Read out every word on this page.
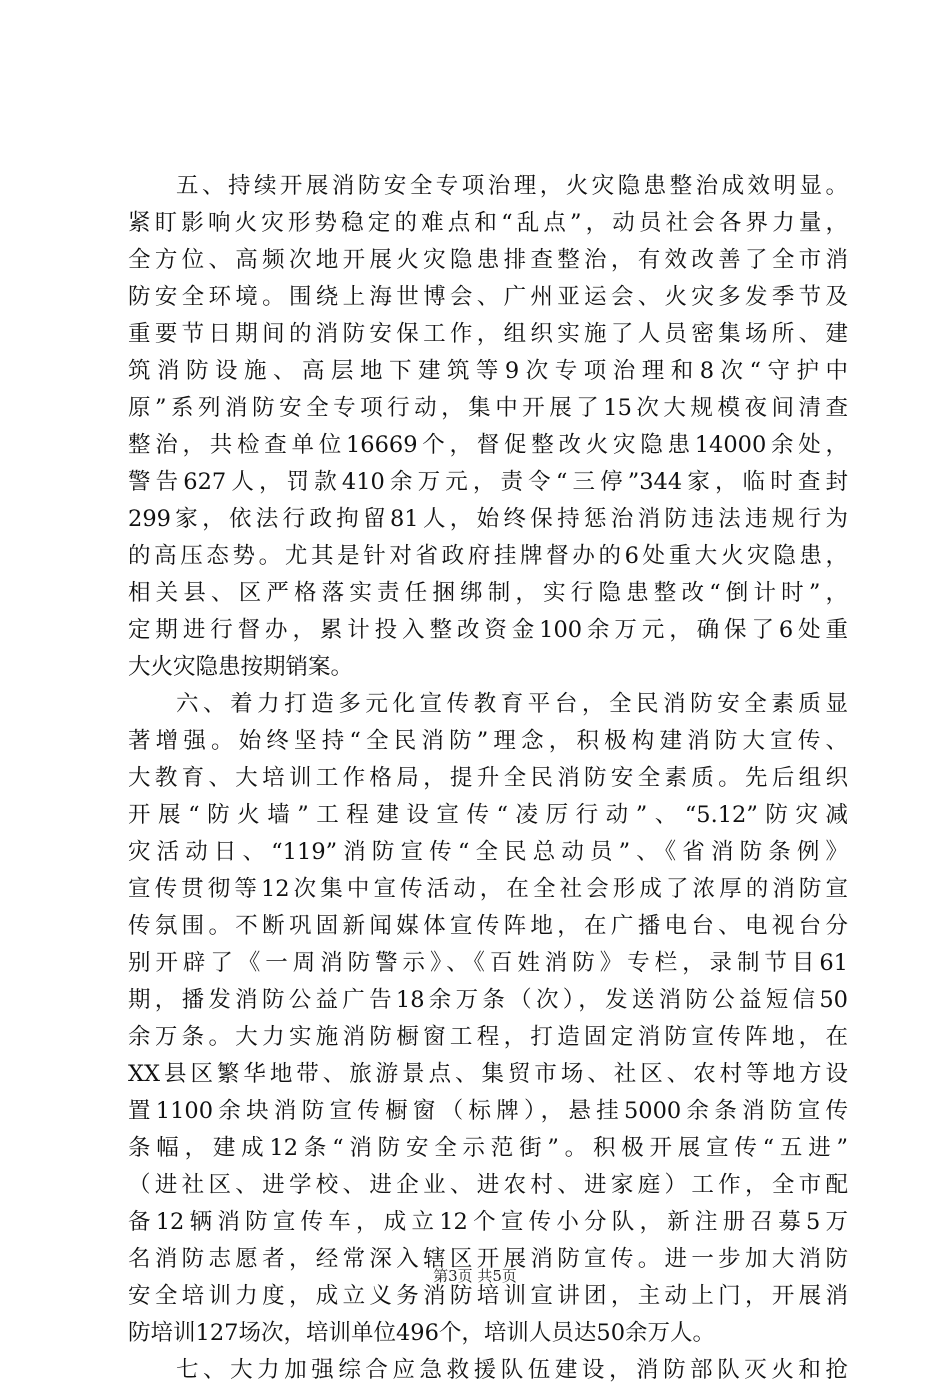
五、持续开展消防安全专项治理，火灾隐患整治成效明显。
紧盯影响火灾形势稳定的难点和“乱点”，动员社会各界力量，
全方位、高频次地开展火灾隐患排查整治，有效改善了全市消
防安全环境。围绕上海世博会、广州亚运会、火灾多发季节及
重要节日期间的消防安保工作，组织实施了人员密集场所、建
筑消防设施、高层地下建筑等9次专项治理和8次“守护中
原”系列消防安全专项行动，集中开展了15次大规模夜间清查
整治，共检查单位16669个，督促整改火灾隐患14000余处，
警告627人，罚款410余万元，责令“三停”344家，临时查封
299家，依法行政拘留81人，始终保持惩治消防违法违规行为
的高压态势。尤其是针对省政府挂牌督办的6处重大火灾隐患，
相关县、区严格落实责任捆绑制，实行隐患整改“倒计时”，
定期进行督办，累计投入整改资金100余万元，确保了6处重
大火灾隐患按期销案。
六、着力打造多元化宣传教育平台，全民消防安全素质显
著增强。始终坚持“全民消防”理念，积极构建消防大宣传、
大教育、大培训工作格局，提升全民消防安全素质。先后组织
开展“防火墙”工程建设宣传“凌厉行动”、“5.12”防灾减
灾活动日、“119”消防宣传“全民总动员”、《省消防条例》
宣传贯彻等12次集中宣传活动，在全社会形成了浓厚的消防宣
传氛围。不断巩固新闻媒体宣传阵地，在广播电台、电视台分
别开辟了《一周消防警示》、《百姓消防》专栏，录制节目61
期，播发消防公益广告18余万条（次），发送消防公益短信50
余万条。大力实施消防橱窗工程，打造固定消防宣传阵地，在
XX县区繁华地带、旅游景点、集贸市场、社区、农村等地方设
置1100余块消防宣传橱窗（标牌），悬挂5000余条消防宣传
条幅，建成12条“消防安全示范街”。积极开展宣传“五进”
（进社区、进学校、进企业、进农村、进家庭）工作，全市配
备12辆消防宣传车，成立12个宣传小分队，新注册召募5万
名消防志愿者，经常深入辖区开展消防宣传。进一步加大消防
安全培训力度，成立义务消防培训宣讲团，主动上门，开展消
防培训127场次，培训单位496个，培训人员达50余万人。
七、大力加强综合应急救援队伍建设，消防部队灭火和抢
第3页 共5页
